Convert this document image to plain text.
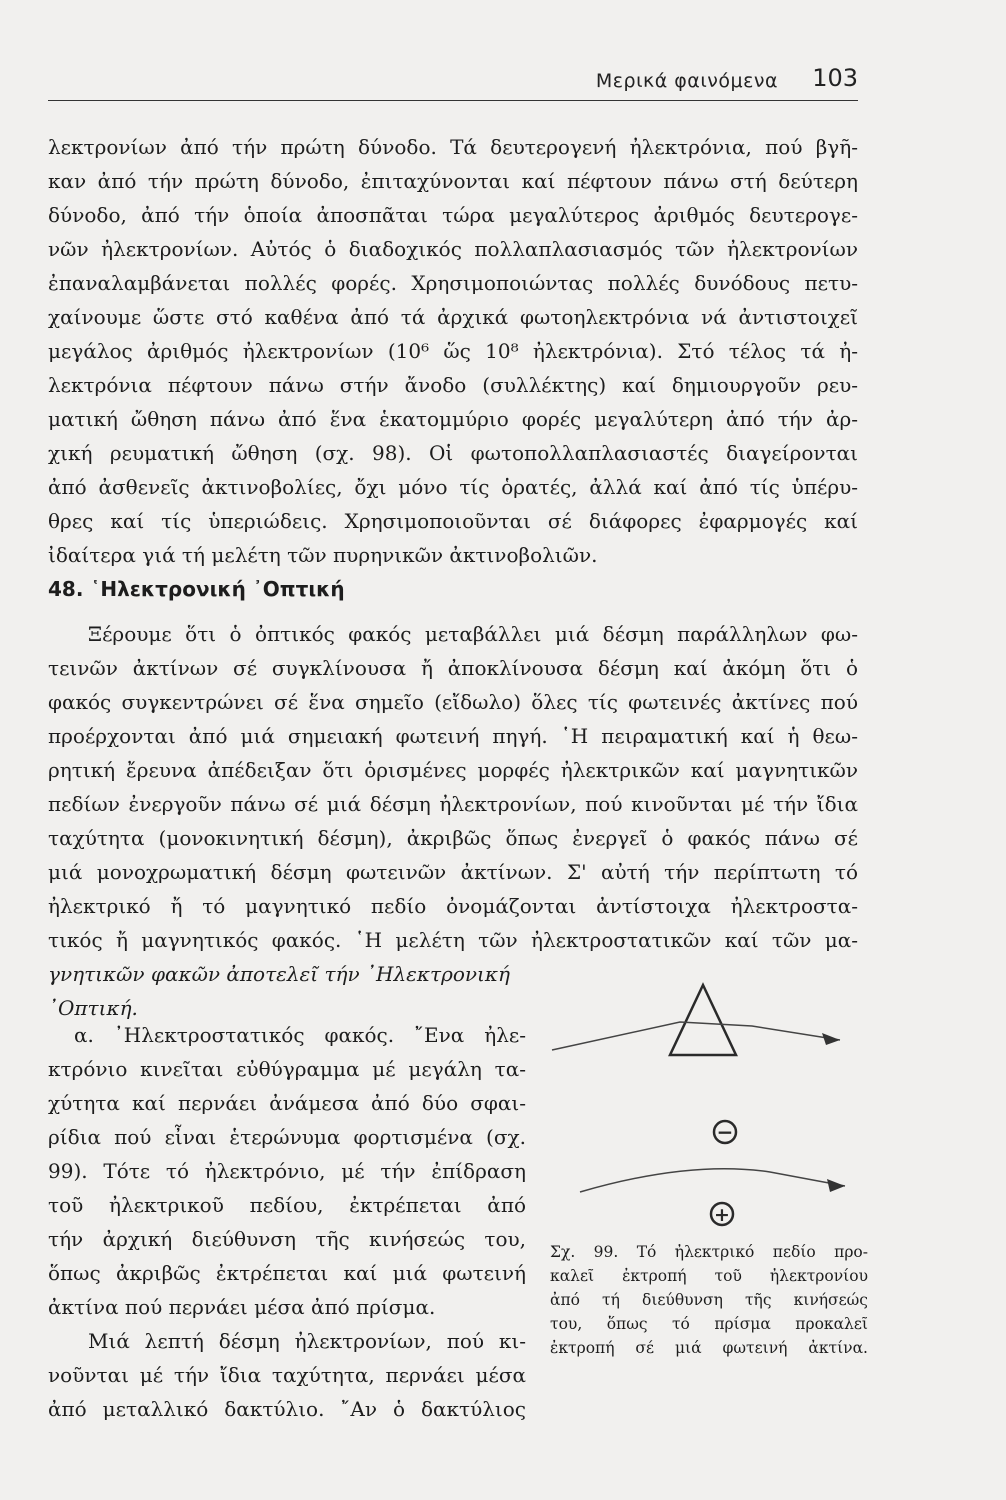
Μερικά φαινόμενα 103
λεκτρονίων ἀπό τήν πρώτη δύνοδο. Τά δευτερογενή ἠλεκτρόνια, πού βγῆ-
καν ἀπό τήν πρώτη δύνοδο, ἐπιταχύνονται καί πέφτουν πάνω στή δεύτερη
δύνοδο, ἀπό τήν ὁποία ἀποσπᾶται τώρα μεγαλύτερος ἀριθμός δευτερογε-
νῶν ἠλεκτρονίων. Αὐτός ὁ διαδοχικός πολλαπλασιασμός τῶν ἠλεκτρονίων
ἐπαναλαμβάνεται πολλές φορές. Χρησιμοποιώντας πολλές δυνόδους πετυ-
χαίνουμε ὥστε στό καθένα ἀπό τά ἀρχικά φωτοηλεκτρόνια νά ἀντιστοιχεῖ
μεγάλος ἀριθμός ἠλεκτρονίων (10⁶ ὥς 10⁸ ἠλεκτρόνια). Στό τέλος τά ἠ-
λεκτρόνια πέφτουν πάνω στήν ἄνοδο (συλλέκτης) καί δημιουργοῦν ρευ-
ματική ὤθηση πάνω ἀπό ἕνα ἑκατομμύριο φορές μεγαλύτερη ἀπό τήν ἀρ-
χική ρευματική ὤθηση (σχ. 98). Οἱ φωτοπολλαπλασιαστές διαγείρονται
ἀπό ἀσθενεῖς ἀκτινοβολίες, ὄχι μόνο τίς ὁρατές, ἀλλά καί ἀπό τίς ὑπέρυ-
θρες καί τίς ὑπεριώδεις. Χρησιμοποιοῦνται σέ διάφορες ἐφαρμογές καί
ἰδαίτερα γιά τή μελέτη τῶν πυρηνικῶν ἀκτινοβολιῶν.
48. ῾Ηλεκτρονική ᾿Οπτική
Ξέρουμε ὅτι ὁ ὀπτικός φακός μεταβάλλει μιά δέσμη παράλληλων φω-
τεινῶν ἀκτίνων σέ συγκλίνουσα ἤ ἀποκλίνουσα δέσμη καί ἀκόμη ὅτι ὁ
φακός συγκεντρώνει σέ ἕνα σημεῖο (εἴδωλο) ὅλες τίς φωτεινές ἀκτίνες πού
προέρχονται ἀπό μιά σημειακή φωτεινή πηγή. ῾Η πειραματική καί ἡ θεω-
ρητική ἔρευνα ἀπέδειξαν ὅτι ὁρισμένες μορφές ἠλεκτρικῶν καί μαγνητικῶν
πεδίων ἐνεργοῦν πάνω σέ μιά δέσμη ἠλεκτρονίων, πού κινοῦνται μέ τήν ἴδια
ταχύτητα (μονοκινητική δέσμη), ἀκριβῶς ὅπως ἐνεργεῖ ὁ φακός πάνω σέ
μιά μονοχρωματική δέσμη φωτεινῶν ἀκτίνων. Σ' αὐτή τήν περίπτωτη τό
ἠλεκτρικό ἤ τό μαγνητικό πεδίο ὀνομάζονται ἀντίστοιχα ἠλεκτροστα-
τικός ἤ μαγνητικός φακός. ῾Η μελέτη τῶν ἠλεκτροστατικῶν καί τῶν μα-
γνητικῶν φακῶν ἀποτελεῖ τήν ᾿Ηλεκτρονική
᾿Οπτική.
α. ᾿Ηλεκτροστατικός φακός. ῎Ενα ἠλε-
κτρόνιο κινεῖται εὐθύγραμμα μέ μεγάλη τα-
χύτητα καί περνάει ἀνάμεσα ἀπό δύο σφαι-
ρίδια πού εἶναι ἑτερώνυμα φορτισμένα (σχ.
99). Τότε τό ἠλεκτρόνιο, μέ τήν ἐπίδραση
τοῦ ἠλεκτρικοῦ πεδίου, ἐκτρέπεται ἀπό
τήν ἀρχική διεύθυνση τῆς κινήσεώς του,
ὅπως ἀκριβῶς ἐκτρέπεται καί μιά φωτεινή
ἀκτίνα πού περνάει μέσα ἀπό πρίσμα.
Μιά λεπτή δέσμη ἠλεκτρονίων, πού κι-
νοῦνται μέ τήν ἴδια ταχύτητα, περνάει μέσα
ἀπό μεταλλικό δακτύλιο. ῎Αν ὁ δακτύλιος
−
+
Σχ. 99. Τό ἠλεκτρικό πεδίο προ-
καλεῖ ἐκτροπή τοῦ ἠλεκτρονίου
ἀπό τή διεύθυνση τῆς κινήσεώς
του, ὅπως τό πρίσμα προκαλεῖ
ἐκτροπή σέ μιά φωτεινή ἀκτίνα.
